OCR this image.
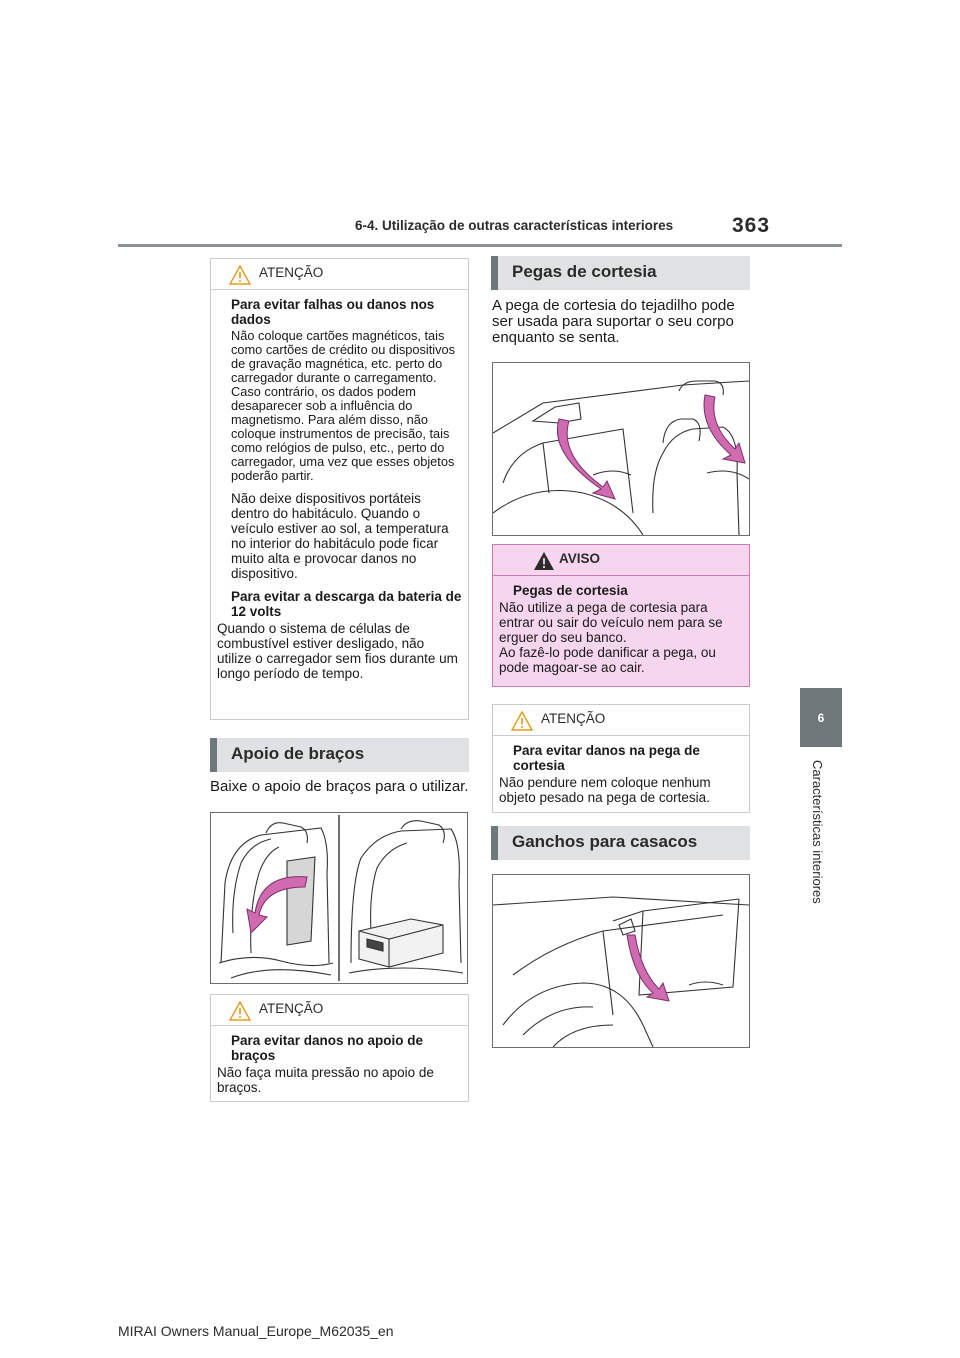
6-4. Utilização de outras características interiores	363
6
Características interiores
ATENÇÃO
Para evitar falhas ou danos nos dados
Não coloque cartões magnéticos, tais como cartões de crédito ou dispositivos de gravação magnética, etc. perto do carregador durante o carregamento. Caso contrário, os dados podem desaparecer sob a influência do magnetismo. Para além disso, não coloque instrumentos de precisão, tais como relógios de pulso, etc., perto do carregador, uma vez que esses objetos poderão partir.
Não deixe dispositivos portáteis dentro do habitáculo. Quando o veículo estiver ao sol, a temperatura no interior do habitáculo pode ficar muito alta e provocar danos no dispositivo.
Para evitar a descarga da bateria de 12 volts
Quando o sistema de células de combustível estiver desligado, não utilize o carregador sem fios durante um longo período de tempo.
Apoio de braços
Baixe o apoio de braços para o utilizar.
ATENÇÃO
Para evitar danos no apoio de braços
Não faça muita pressão no apoio de braços.
Pegas de cortesia
A pega de cortesia do tejadilho pode ser usada para suportar o seu corpo enquanto se senta.
AVISO
Pegas de cortesia
Não utilize a pega de cortesia para entrar ou sair do veículo nem para se erguer do seu banco.
Ao fazê-lo pode danificar a pega, ou pode magoar-se ao cair.
ATENÇÃO
Para evitar danos na pega de cortesia
Não pendure nem coloque nenhum objeto pesado na pega de cortesia.
Ganchos para casacos
MIRAI Owners Manual_Europe_M62035_en
